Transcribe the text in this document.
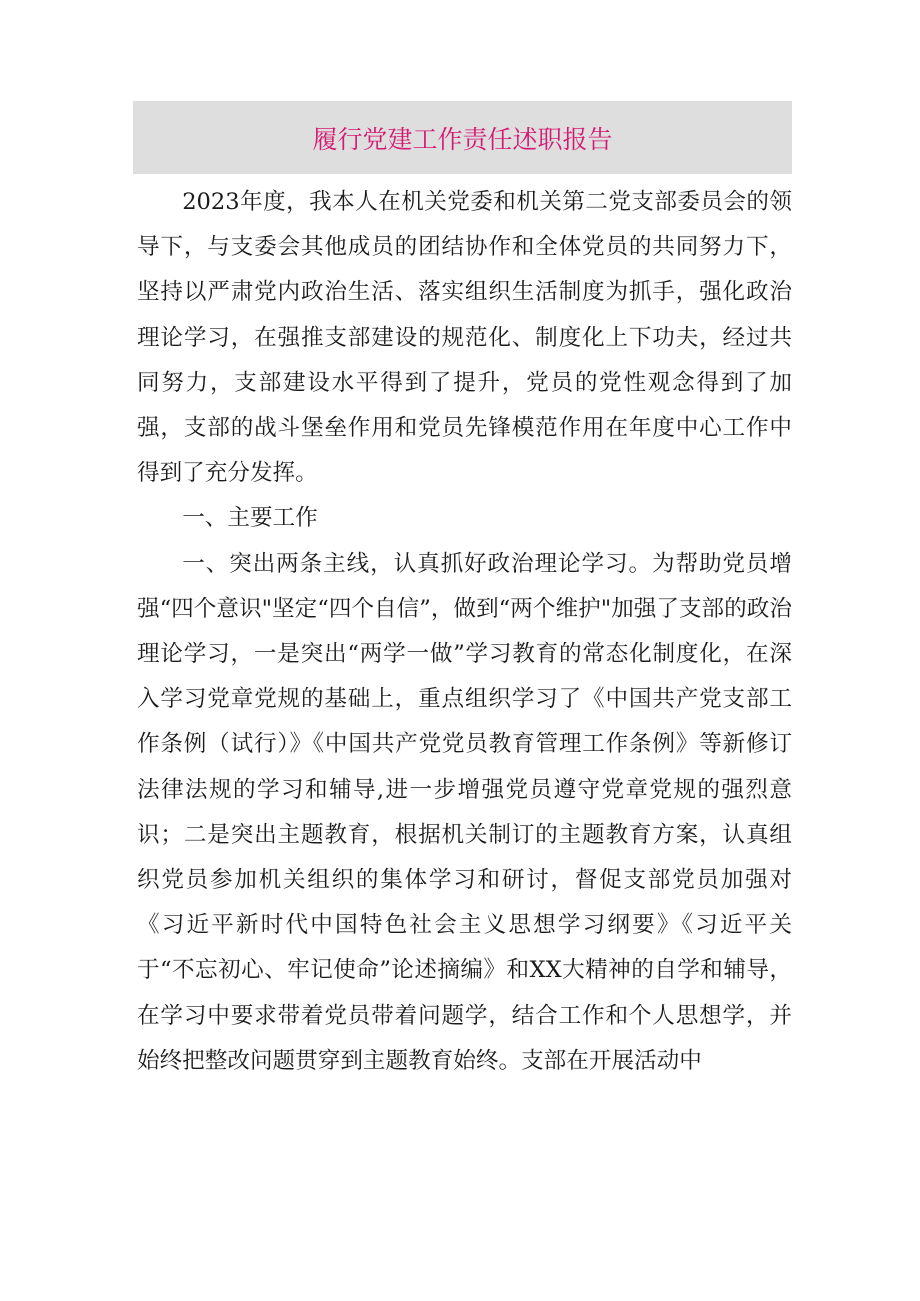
履行党建工作责任述职报告

2023年度，我本人在机关党委和机关第二党支部委员会的领导下，与支委会其他成员的团结协作和全体党员的共同努力下，坚持以严肃党内政治生活、落实组织生活制度为抓手，强化政治理论学习，在强推支部建设的规范化、制度化上下功夫，经过共同努力，支部建设水平得到了提升，党员的党性观念得到了加强，支部的战斗堡垒作用和党员先锋模范作用在年度中心工作中得到了充分发挥。

一、主要工作

一、突出两条主线，认真抓好政治理论学习。为帮助党员增强“四个意识"坚定“四个自信”，做到“两个维护"加强了支部的政治理论学习，一是突出“两学一做”学习教育的常态化制度化，在深入学习党章党规的基础上，重点组织学习了《中国共产党支部工作条例（试行）》《中国共产党党员教育管理工作条例》等新修订法律法规的学习和辅导,进一步增强党员遵守党章党规的强烈意识；二是突出主题教育，根据机关制订的主题教育方案，认真组织党员参加机关组织的集体学习和研讨，督促支部党员加强对《习近平新时代中国特色社会主义思想学习纲要》《习近平关于“不忘初心、牢记使命”论述摘编》和XX大精神的自学和辅导，在学习中要求带着党员带着问题学，结合工作和个人思想学，并始终把整改问题贯穿到主题教育始终。支部在开展活动中
